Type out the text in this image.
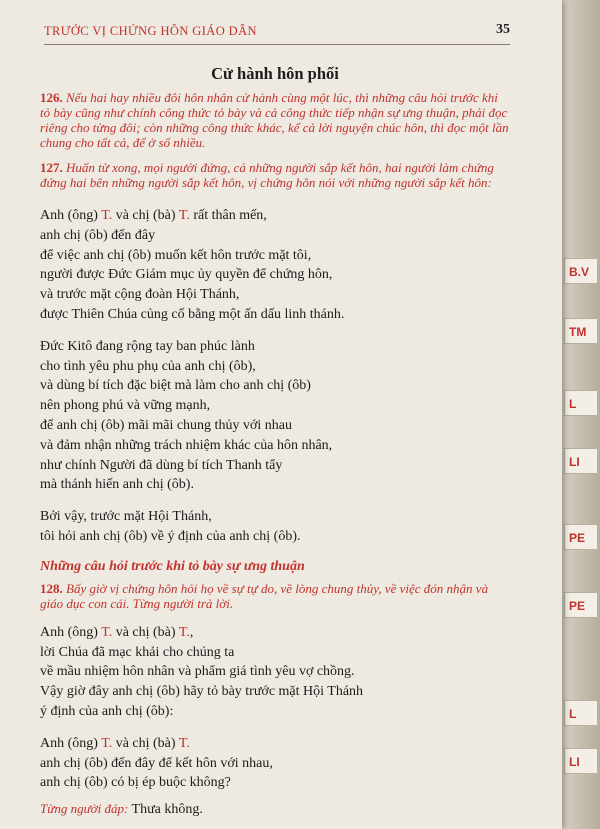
B.V
TM
L
LI
PE
PE
L
LI
TRƯỚC VỊ CHỨNG HÔN GIÁO DÂN	35
Cử hành hôn phối
126. Nếu hai hay nhiều đôi hôn nhân cử hành cùng một lúc, thì những câu hỏi trước khi tỏ bày cũng như chính công thức tỏ bày và cả công thức tiếp nhận sự ưng thuận, phải đọc riêng cho từng đôi; còn những công thức khác, kể cả lời nguyện chúc hôn, thì đọc một lần chung cho tất cả, để ở số nhiều.
127. Huấn từ xong, mọi người đứng, cả những người sắp kết hôn, hai người làm chứng đứng hai bên những người sắp kết hôn, vị chứng hôn nói với những người sắp kết hôn:
Anh (ông) T. và chị (bà) T. rất thân mến,
anh chị (ôb) đến đây
để việc anh chị (ôb) muốn kết hôn trước mặt tôi,
người được Đức Giám mục ủy quyền để chứng hôn,
và trước mặt cộng đoàn Hội Thánh,
được Thiên Chúa củng cố bằng một ấn dấu linh thánh.
Đức Kitô đang rộng tay ban phúc lành
cho tình yêu phu phụ của anh chị (ôb),
và dùng bí tích đặc biệt mà làm cho anh chị (ôb)
nên phong phú và vững mạnh,
để anh chị (ôb) mãi mãi chung thủy với nhau
và đảm nhận những trách nhiệm khác của hôn nhân,
như chính Người đã dùng bí tích Thanh tẩy
mà thánh hiến anh chị (ôb).
Bởi vậy, trước mặt Hội Thánh,
tôi hỏi anh chị (ôb) về ý định của anh chị (ôb).
Những câu hỏi trước khi tỏ bày sự ưng thuận
128. Bấy giờ vị chứng hôn hỏi họ về sự tự do, về lòng chung thủy, về việc đón nhận và giáo dục con cái. Từng người trả lời.
Anh (ông) T. và chị (bà) T.,
lời Chúa đã mạc khải cho chúng ta
về mầu nhiệm hôn nhân và phẩm giá tình yêu vợ chồng.
Vậy giờ đây anh chị (ôb) hãy tỏ bày trước mặt Hội Thánh
ý định của anh chị (ôb):
Anh (ông) T. và chị (bà) T.
anh chị (ôb) đến đây để kết hôn với nhau,
anh chị (ôb) có bị ép buộc không?
Từng người đáp: Thưa không.
